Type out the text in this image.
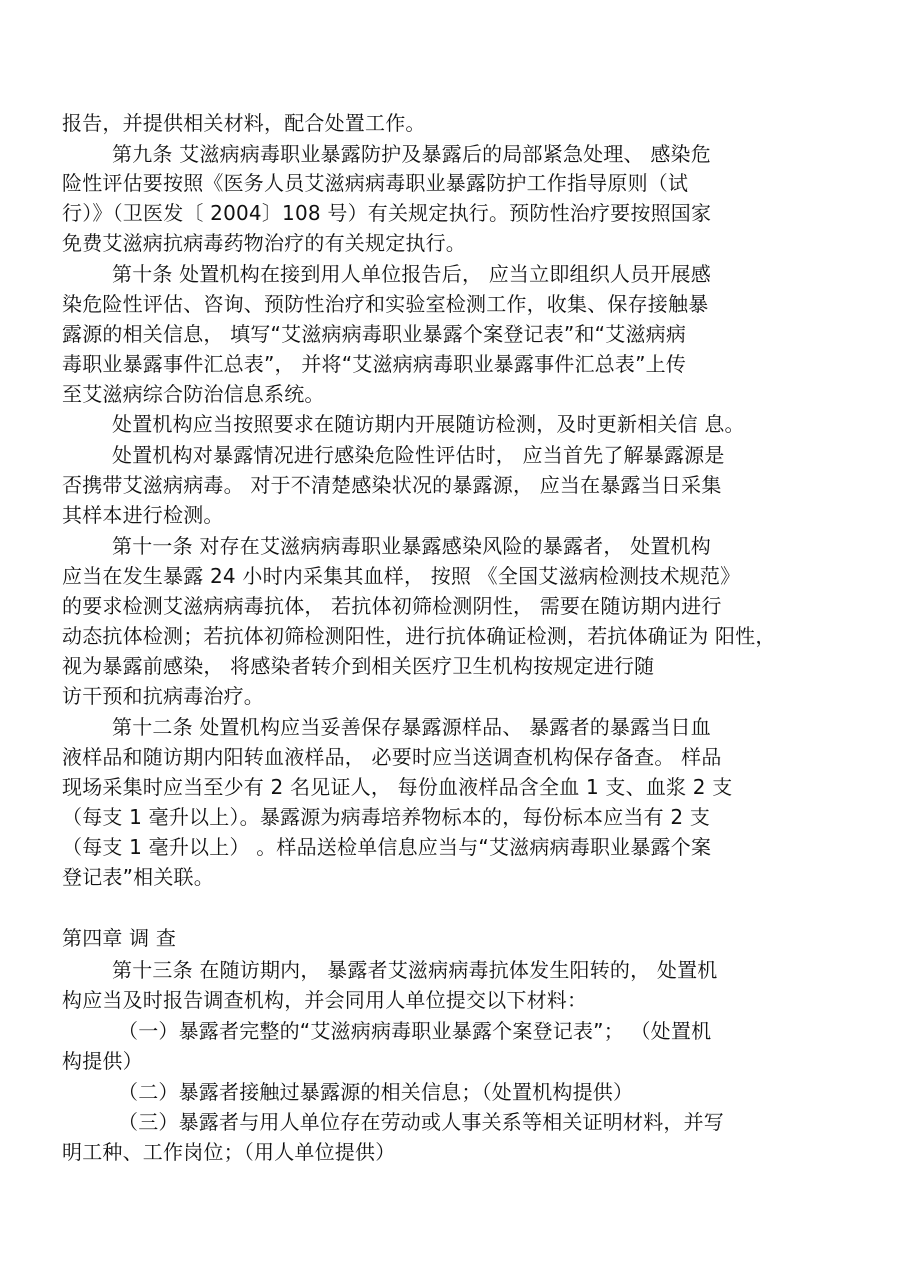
报告，并提供相关材料，配合处置工作。
第九条 艾滋病病毒职业暴露防护及暴露后的局部紧急处理、 感染危
险性评估要按照《医务人员艾滋病病毒职业暴露防护工作指导原则（试
行）》（卫医发〔 2004〕108 号）有关规定执行。预防性治疗要按照国家
免费艾滋病抗病毒药物治疗的有关规定执行。
第十条 处置机构在接到用人单位报告后， 应当立即组织人员开展感
染危险性评估、咨询、预防性治疗和实验室检测工作，收集、保存接触暴
露源的相关信息， 填写“艾滋病病毒职业暴露个案登记表”和“艾滋病病
毒职业暴露事件汇总表”， 并将“艾滋病病毒职业暴露事件汇总表”上传
至艾滋病综合防治信息系统。
处置机构应当按照要求在随访期内开展随访检测，及时更新相关信 息。
处置机构对暴露情况进行感染危险性评估时， 应当首先了解暴露源是
否携带艾滋病病毒。 对于不清楚感染状况的暴露源， 应当在暴露当日采集
其样本进行检测。
第十一条 对存在艾滋病病毒职业暴露感染风险的暴露者， 处置机构
应当在发生暴露 24 小时内采集其血样， 按照 《全国艾滋病检测技术规范》
的要求检测艾滋病病毒抗体， 若抗体初筛检测阴性， 需要在随访期内进行
动态抗体检测；若抗体初筛检测阳性，进行抗体确证检测，若抗体确证为 阳性，
视为暴露前感染， 将感染者转介到相关医疗卫生机构按规定进行随
访干预和抗病毒治疗。
第十二条 处置机构应当妥善保存暴露源样品、 暴露者的暴露当日血
液样品和随访期内阳转血液样品， 必要时应当送调查机构保存备查。 样品
现场采集时应当至少有 2 名见证人， 每份血液样品含全血 1 支、血浆 2 支
（每支 1 毫升以上）。暴露源为病毒培养物标本的，每份标本应当有 2 支
（每支 1 毫升以上） 。样品送检单信息应当与“艾滋病病毒职业暴露个案
登记表”相关联。
第四章 调 查
第十三条 在随访期内， 暴露者艾滋病病毒抗体发生阳转的， 处置机
构应当及时报告调查机构，并会同用人单位提交以下材料：
（一）暴露者完整的“艾滋病病毒职业暴露个案登记表”； （处置机
构提供）
（二）暴露者接触过暴露源的相关信息；（处置机构提供）
（三）暴露者与用人单位存在劳动或人事关系等相关证明材料，并写
明工种、工作岗位；（用人单位提供）
